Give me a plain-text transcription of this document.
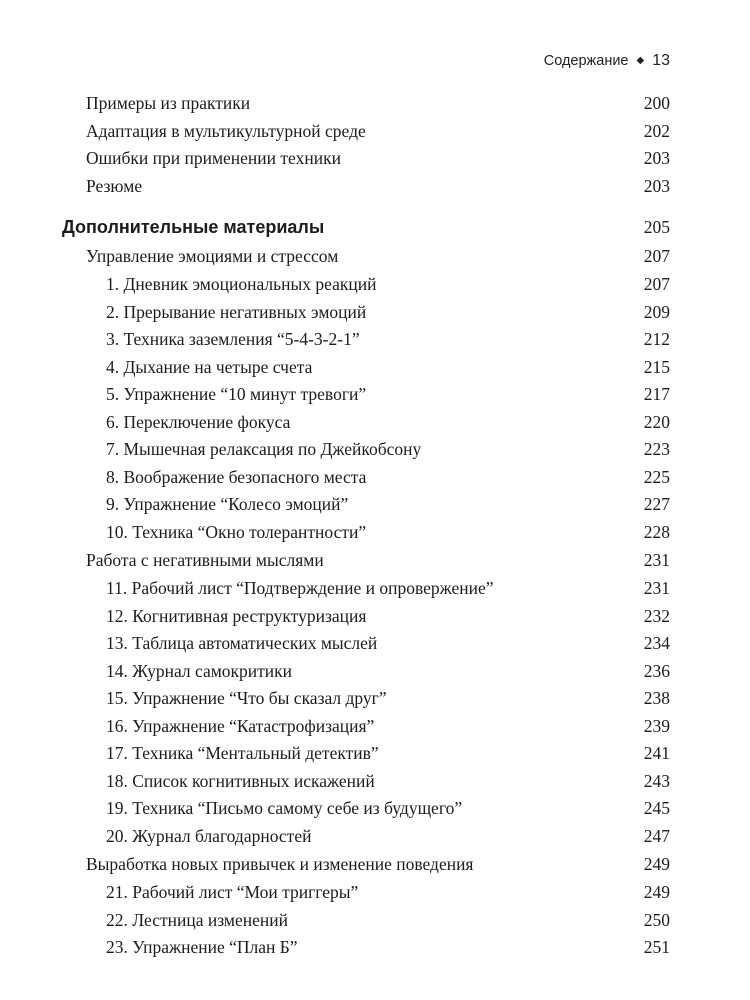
Содержание ◆ 13
Примеры из практики	200
Адаптация в мультикультурной среде	202
Ошибки при применении техники	203
Резюме	203
Дополнительные материалы	205
Управление эмоциями и стрессом	207
1. Дневник эмоциональных реакций	207
2. Прерывание негативных эмоций	209
3. Техника заземления “5-4-3-2-1”	212
4. Дыхание на четыре счета	215
5. Упражнение “10 минут тревоги”	217
6. Переключение фокуса	220
7. Мышечная релаксация по Джейкобсону	223
8. Воображение безопасного места	225
9. Упражнение “Колесо эмоций”	227
10. Техника “Окно толерантности”	228
Работа с негативными мыслями	231
11. Рабочий лист “Подтверждение и опровержение”	231
12. Когнитивная реструктуризация	232
13. Таблица автоматических мыслей	234
14. Журнал самокритики	236
15. Упражнение “Что бы сказал друг”	238
16. Упражнение “Катастрофизация”	239
17. Техника “Ментальный детектив”	241
18. Список когнитивных искажений	243
19. Техника “Письмо самому себе из будущего”	245
20. Журнал благодарностей	247
Выработка новых привычек и изменение поведения	249
21. Рабочий лист “Мои триггеры”	249
22. Лестница изменений	250
23. Упражнение “План Б”	251
